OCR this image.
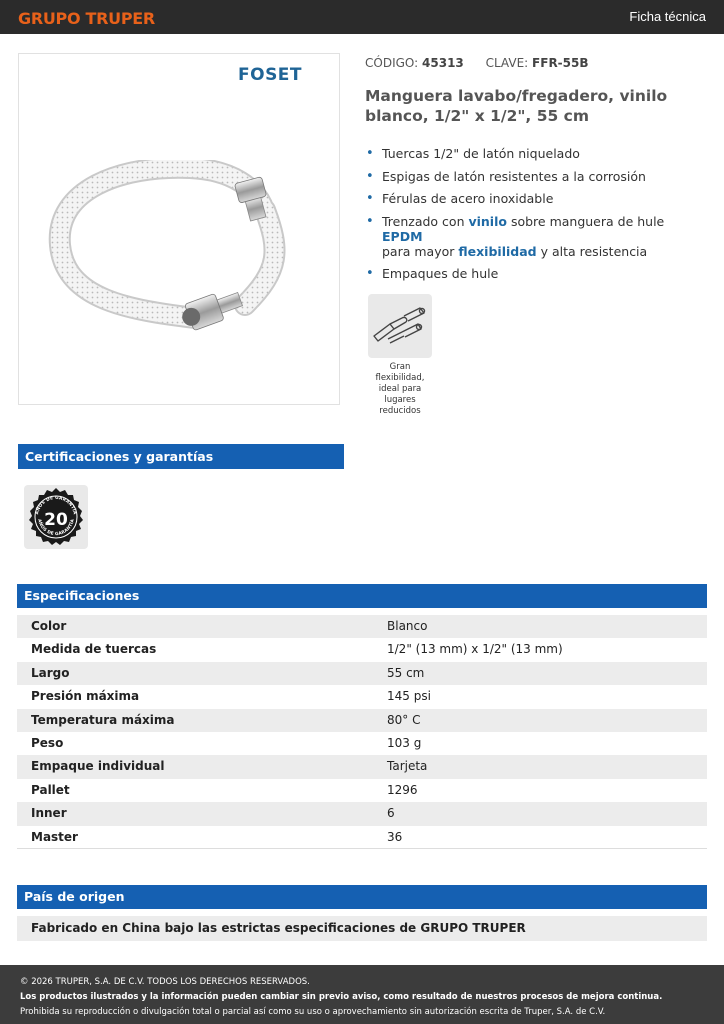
GRUPO TRUPER	Ficha técnica
FOSET
CÓDIGO: 45313 CLAVE: FFR-55B
Manguera lavabo/fregadero, vinilo blanco, 1/2" x 1/2", 55 cm
• Tuercas 1/2" de latón niquelado
• Espigas de latón resistentes a la corrosión
• Férulas de acero inoxidable
• Trenzado con vinilo sobre manguera de hule EPDM
para mayor flexibilidad y alta resistencia
• Empaques de hule
Gran flexibilidad, ideal para lugares reducidos
Certificaciones y garantías
AÑOS DE GARANTÍA
AÑOS DE GARANTÍA
20
Especificaciones
Color	Blanco
Medida de tuercas	1/2" (13 mm) x 1/2" (13 mm)
Largo	55 cm
Presión máxima	145 psi
Temperatura máxima	80° C
Peso	103 g
Empaque individual	Tarjeta
Pallet	1296
Inner	6
Master	36
País de origen
Fabricado en China bajo las estrictas especificaciones de GRUPO TRUPER
© 2026 TRUPER, S.A. DE C.V. TODOS LOS DERECHOS RESERVADOS.
Los productos ilustrados y la información pueden cambiar sin previo aviso, como resultado de nuestros procesos de mejora continua.
Prohibida su reproducción o divulgación total o parcial así como su uso o aprovechamiento sin autorización escrita de Truper, S.A. de C.V.
